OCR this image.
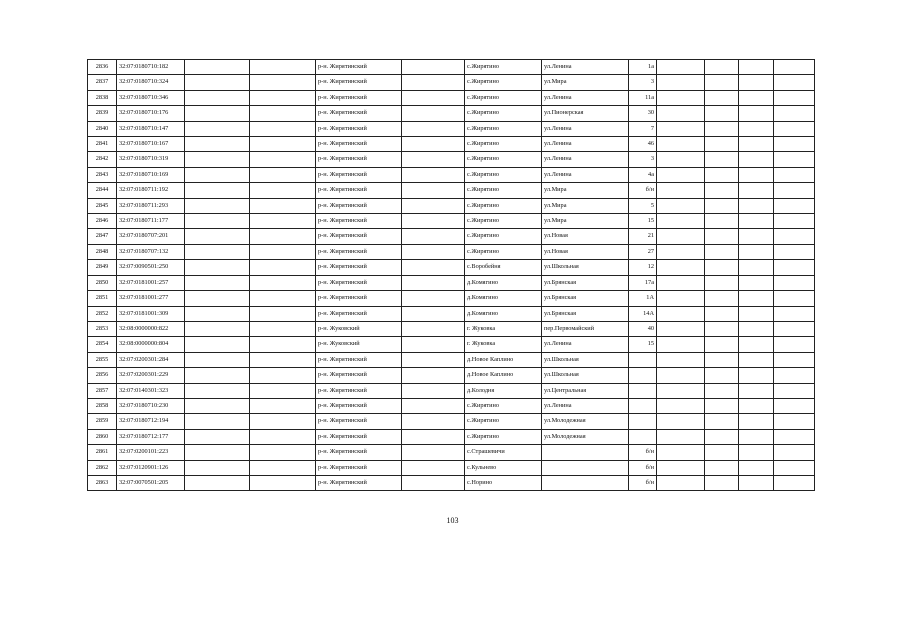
2836	32:07:0180710:182			р-н. Жирятинский		с.Жирятино	ул.Ленина	1а				
2837	32:07:0180710:324			р-н. Жирятинский		с.Жирятино	ул.Мира	3				
2838	32:07:0180710:346			р-н. Жирятинский		с.Жирятино	ул.Ленина	11а				
2839	32:07:0180710:176			р-н. Жирятинский		с.Жирятино	ул.Пионерская	30				
2840	32:07:0180710:147			р-н. Жирятинский		с.Жирятино	ул.Ленина	7				
2841	32:07:0180710:167			р-н. Жирятинский		с.Жирятино	ул.Ленина	46				
2842	32:07:0180710:319			р-н. Жирятинский		с.Жирятино	ул.Ленина	3				
2843	32:07:0180710:169			р-н. Жирятинский		с.Жирятино	ул.Ленина	4а				
2844	32:07:0180711:192			р-н. Жирятинский		с.Жирятино	ул.Мира	б/н				
2845	32:07:0180711:293			р-н. Жирятинский		с.Жирятино	ул.Мира	5				
2846	32:07:0180711:177			р-н. Жирятинский		с.Жирятино	ул.Мира	15				
2847	32:07:0180707:201			р-н. Жирятинский		с.Жирятино	ул.Новая	21				
2848	32:07:0180707:132			р-н. Жирятинский		с.Жирятино	ул.Новая	27				
2849	32:07:0090501:250			р-н. Жирятинский		с.Воробейня	ул.Школьная	12				
2850	32:07:0181001:257			р-н. Жирятинский		д.Комягино	ул.Брянская	17а				
2851	32:07:0181001:277			р-н. Жирятинский		д.Комягино	ул.Брянская	1А				
2852	32:07:0181001:309			р-н. Жирятинский		д.Комягино	ул.Брянская	14А				
2853	32:08:0000000:822			р-н. Жуковский		г. Жуковка	пер.Первомайский	40				
2854	32:08:0000000:804			р-н. Жуковский		г. Жуковка	ул.Ленина	15				
2855	32:07:0200301:284			р-н. Жирятинский		д.Новое Каплино	ул.Школьная					
2856	32:07:0200301:229			р-н. Жирятинский		д.Новое Каплино	ул.Школьная					
2857	32:07:0140301:323			р-н. Жирятинский		д.Колодня	ул.Центральная					
2858	32:07:0180710:230			р-н. Жирятинский		с.Жирятино	ул.Ленина					
2859	32:07:0180712:194			р-н. Жирятинский		с.Жирятино	ул.Молодежная					
2860	32:07:0180712:177			р-н. Жирятинский		с.Жирятино	ул.Молодежная					
2861	32:07:0200101:223			р-н. Жирятинский		с.Страшевичи		б/н				
2862	32:07:0120901:126			р-н. Жирятинский		с.Кульнево		б/н				
2863	32:07:0070501:205			р-н. Жирятинский		с.Норино		б/н				
103
